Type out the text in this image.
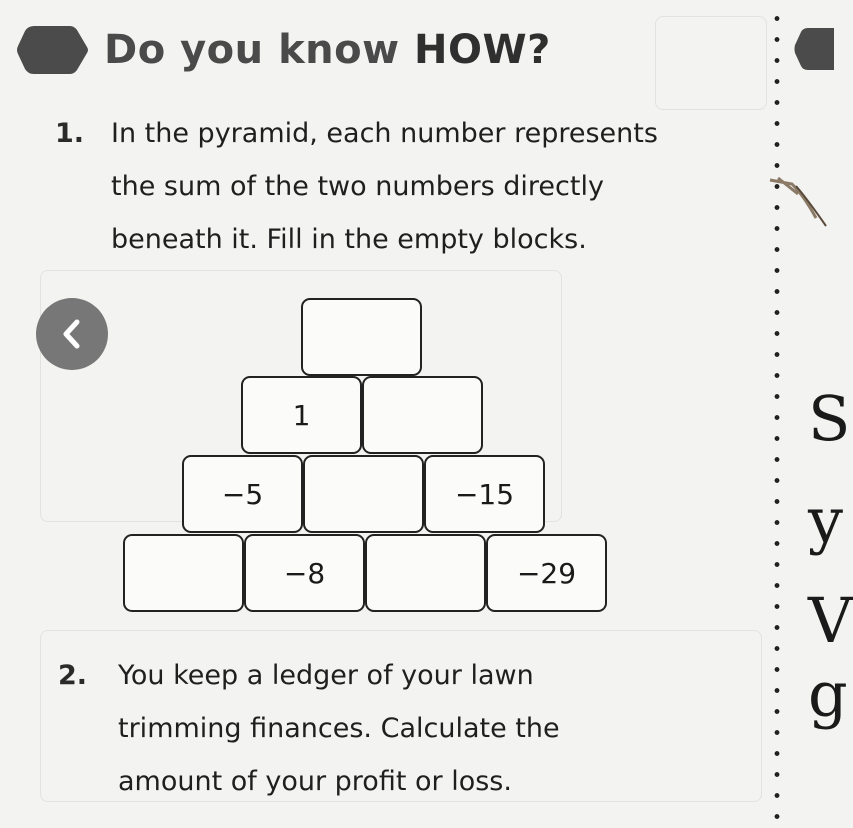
Do you know HOW?
1. In the pyramid, each number represents
the sum of the two numbers directly
beneath it. Fill in the empty blocks.
1
−5	−15
−8	−29
2. You keep a ledger of your lawn
trimming finances. Calculate the
amount of your profit or loss.
S
y
V
g
